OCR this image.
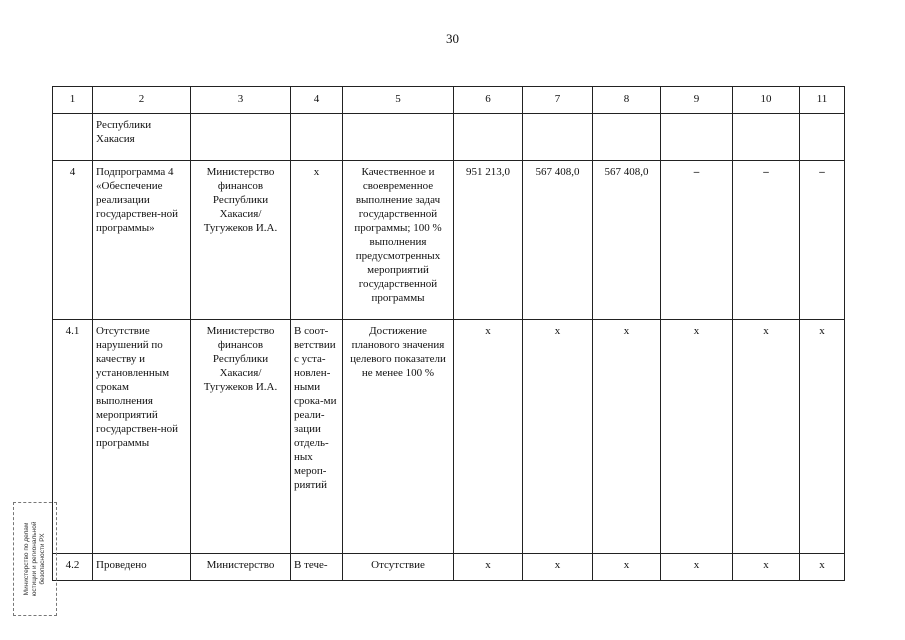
30
1	2	3	4	5	6	7	8	9	10	11
	Республики Хакасия									
4	Подпрограмма 4 «Обеспечение реализации государствен-ной программы»	Министерство финансов Республики Хакасия/ Тугужеков И.А.	х	Качественное и своевременное выполнение задач государственной программы; 100 % выполнения предусмотренных мероприятий государственной программы	951 213,0	567 408,0	567 408,0	–	–	–
4.1	Отсутствие нарушений по качеству и установленным срокам выполнения мероприятий государствен-ной программы	Министерство финансов Республики Хакасия/ Тугужеков И.А.	В соот-ветствии с уста-новлен-ными срока-ми реали-зации отдель-ных мероп-риятий	Достижение планового значения целевого показатели не менее 100 %	х	х	х	х	х	х
4.2	Проведено	Министерство	В тече-	Отсутствие	х	х	х	х	х	х
Министерство по делам юстиции и региональной безопасности РХ
